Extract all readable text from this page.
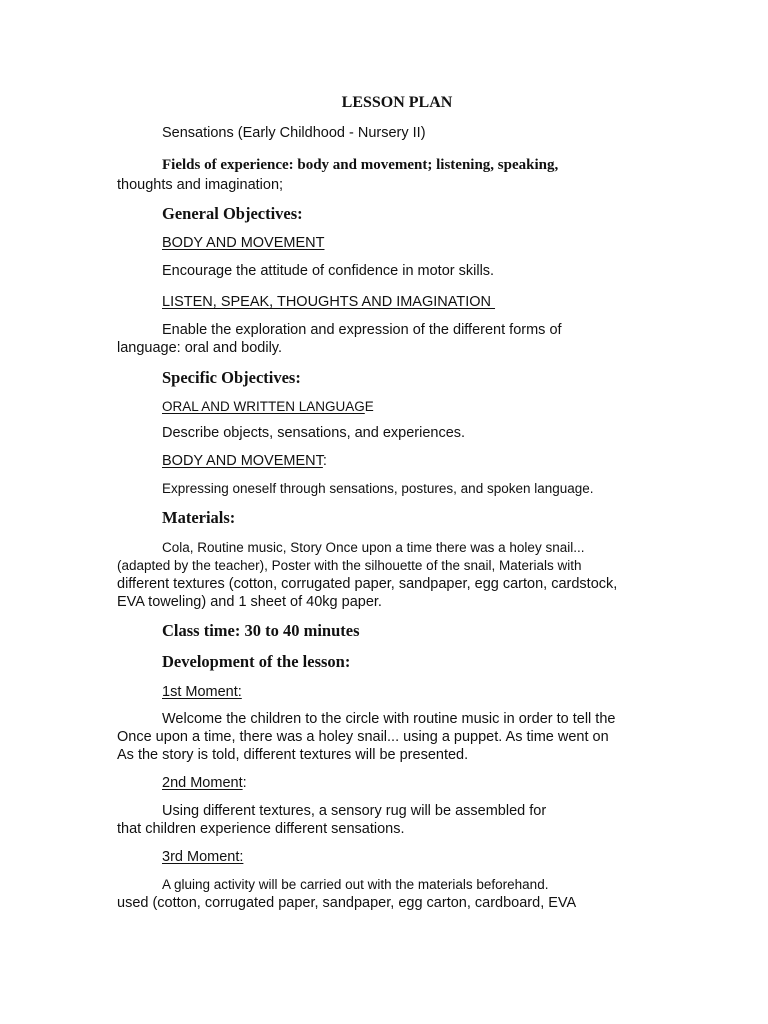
LESSON PLAN
Sensations (Early Childhood - Nursery II)
Fields of experience: body and movement; listening, speaking,
thoughts and imagination;
General Objectives:
BODY AND MOVEMENT
Encourage the attitude of confidence in motor skills.
LISTEN, SPEAK, THOUGHTS AND IMAGINATION
Enable the exploration and expression of the different forms of
language: oral and bodily.
Specific Objectives:
ORAL AND WRITTEN LANGUAGE
Describe objects, sensations, and experiences.
BODY AND MOVEMENT:
Expressing oneself through sensations, postures, and spoken language.
Materials:
Cola, Routine music, Story Once upon a time there was a holey snail...
(adapted by the teacher), Poster with the silhouette of the snail, Materials with
different textures (cotton, corrugated paper, sandpaper, egg carton, cardstock,
EVA toweling) and 1 sheet of 40kg paper.
Class time: 30 to 40 minutes
Development of the lesson:
1st Moment:
Welcome the children to the circle with routine music in order to tell the
Once upon a time, there was a holey snail... using a puppet. As time went on
As the story is told, different textures will be presented.
2nd Moment:
Using different textures, a sensory rug will be assembled for
that children experience different sensations.
3rd Moment:
A gluing activity will be carried out with the materials beforehand.
used (cotton, corrugated paper, sandpaper, egg carton, cardboard, EVA
